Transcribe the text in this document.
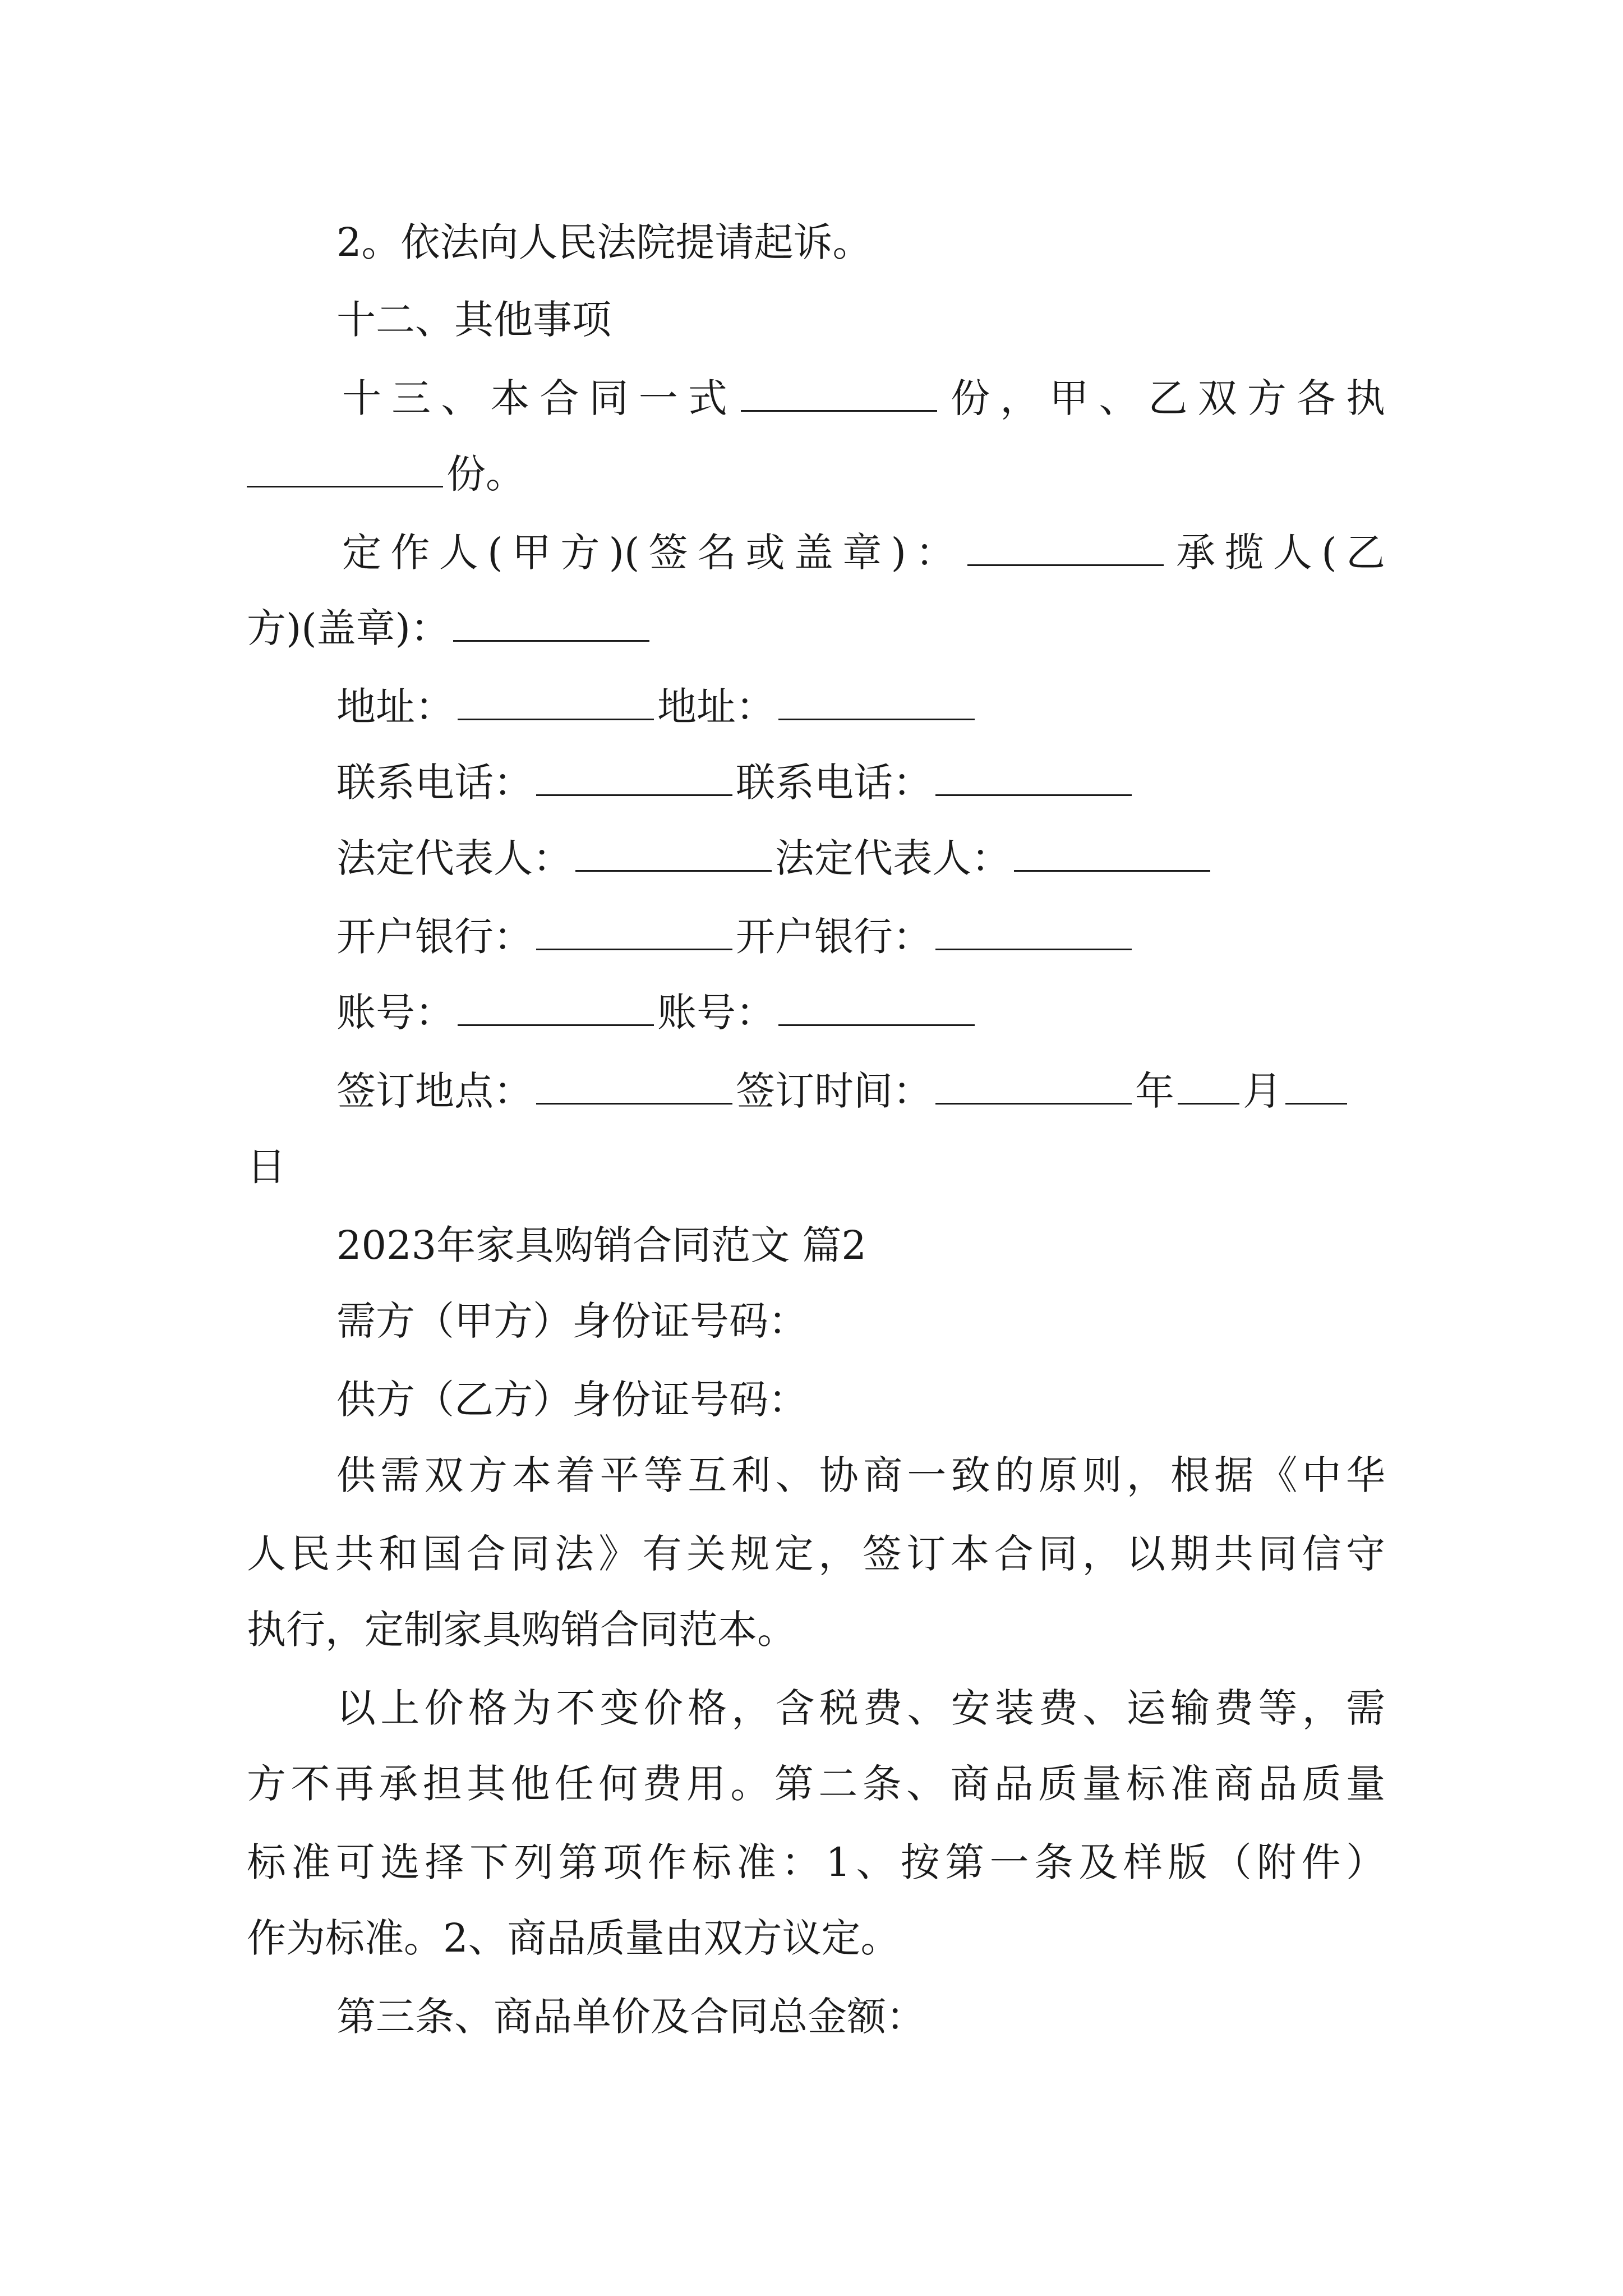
2。依法向人民法院提请起诉。
十二、其他事项
十三、本合同一式	份，甲、乙双方各执
份。
定作人(甲方)(签名或盖章)：	承揽人(乙
方)(盖章)：
地址：	地址：
联系电话：	联系电话：
法定代表人：	法定代表人：
开户银行：	开户银行：
账号：	账号：
签订地点：	签订时间：	年 月
日
2023年家具购销合同范文 篇2
需方（甲方）身份证号码：
供方（乙方）身份证号码：
供需双方本着平等互利、协商一致的原则，根据《中华
人民共和国合同法》有关规定，签订本合同，以期共同信守
执行，定制家具购销合同范本。
以上价格为不变价格，含税费、安装费、运输费等，需
方不再承担其他任何费用。第二条、商品质量标准商品质量
标准可选择下列第项作标准：1、按第一条及样版（附件）
作为标准。2、商品质量由双方议定。
第三条、商品单价及合同总金额：
